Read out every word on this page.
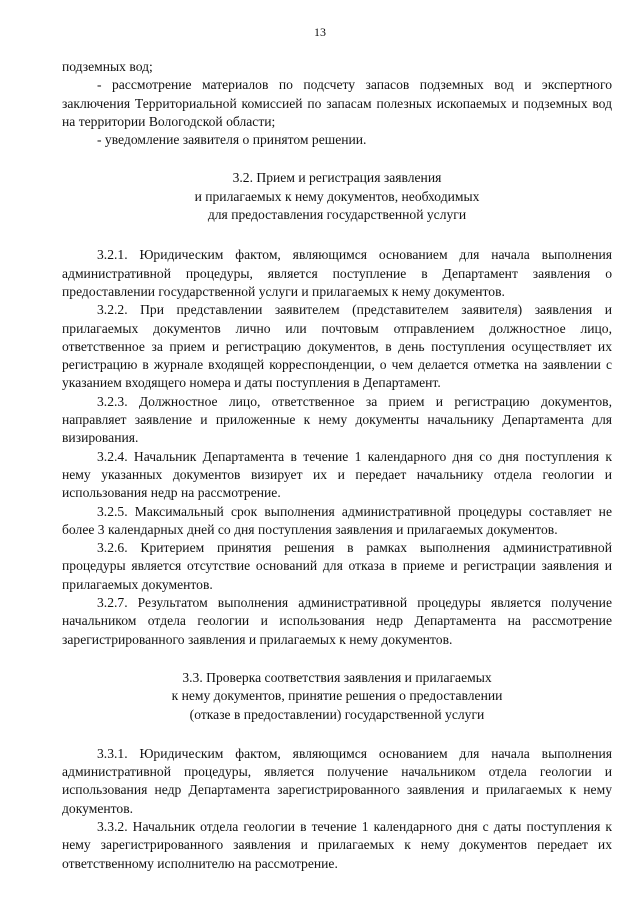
13

подземных вод;

- рассмотрение материалов по подсчету запасов подземных вод и экспертного заключения Территориальной комиссией по запасам полезных ископаемых и подземных вод на территории Вологодской области;

- уведомление заявителя о принятом решении.

3.2. Прием и регистрация заявления
и прилагаемых к нему документов, необходимых
для предоставления государственной услуги

3.2.1. Юридическим фактом, являющимся основанием для начала выполнения административной процедуры, является поступление в Департамент заявления о предоставлении государственной услуги и прилагаемых к нему документов.

3.2.2. При представлении заявителем (представителем заявителя) заявления и прилагаемых документов лично или почтовым отправлением должностное лицо, ответственное за прием и регистрацию документов, в день поступления осуществляет их регистрацию в журнале входящей корреспонденции, о чем делается отметка на заявлении с указанием входящего номера и даты поступления в Департамент.

3.2.3. Должностное лицо, ответственное за прием и регистрацию документов, направляет заявление и приложенные к нему документы начальнику Департамента для визирования.

3.2.4. Начальник Департамента в течение 1 календарного дня со дня поступления к нему указанных документов визирует их и передает начальнику отдела геологии и использования недр на рассмотрение.

3.2.5. Максимальный срок выполнения административной процедуры составляет не более 3 календарных дней со дня поступления заявления и прилагаемых документов.

3.2.6. Критерием принятия решения в рамках выполнения административной процедуры является отсутствие оснований для отказа в приеме и регистрации заявления и прилагаемых документов.

3.2.7. Результатом выполнения административной процедуры является получение начальником отдела геологии и использования недр Департамента на рассмотрение зарегистрированного заявления и прилагаемых к нему документов.

3.3. Проверка соответствия заявления и прилагаемых
к нему документов, принятие решения о предоставлении
(отказе в предоставлении) государственной услуги

3.3.1. Юридическим фактом, являющимся основанием для начала выполнения административной процедуры, является получение начальником отдела геологии и использования недр Департамента зарегистрированного заявления и прилагаемых к нему документов.

3.3.2. Начальник отдела геологии в течение 1 календарного дня с даты поступления к нему зарегистрированного заявления и прилагаемых к нему документов передает их ответственному исполнителю на рассмотрение.
